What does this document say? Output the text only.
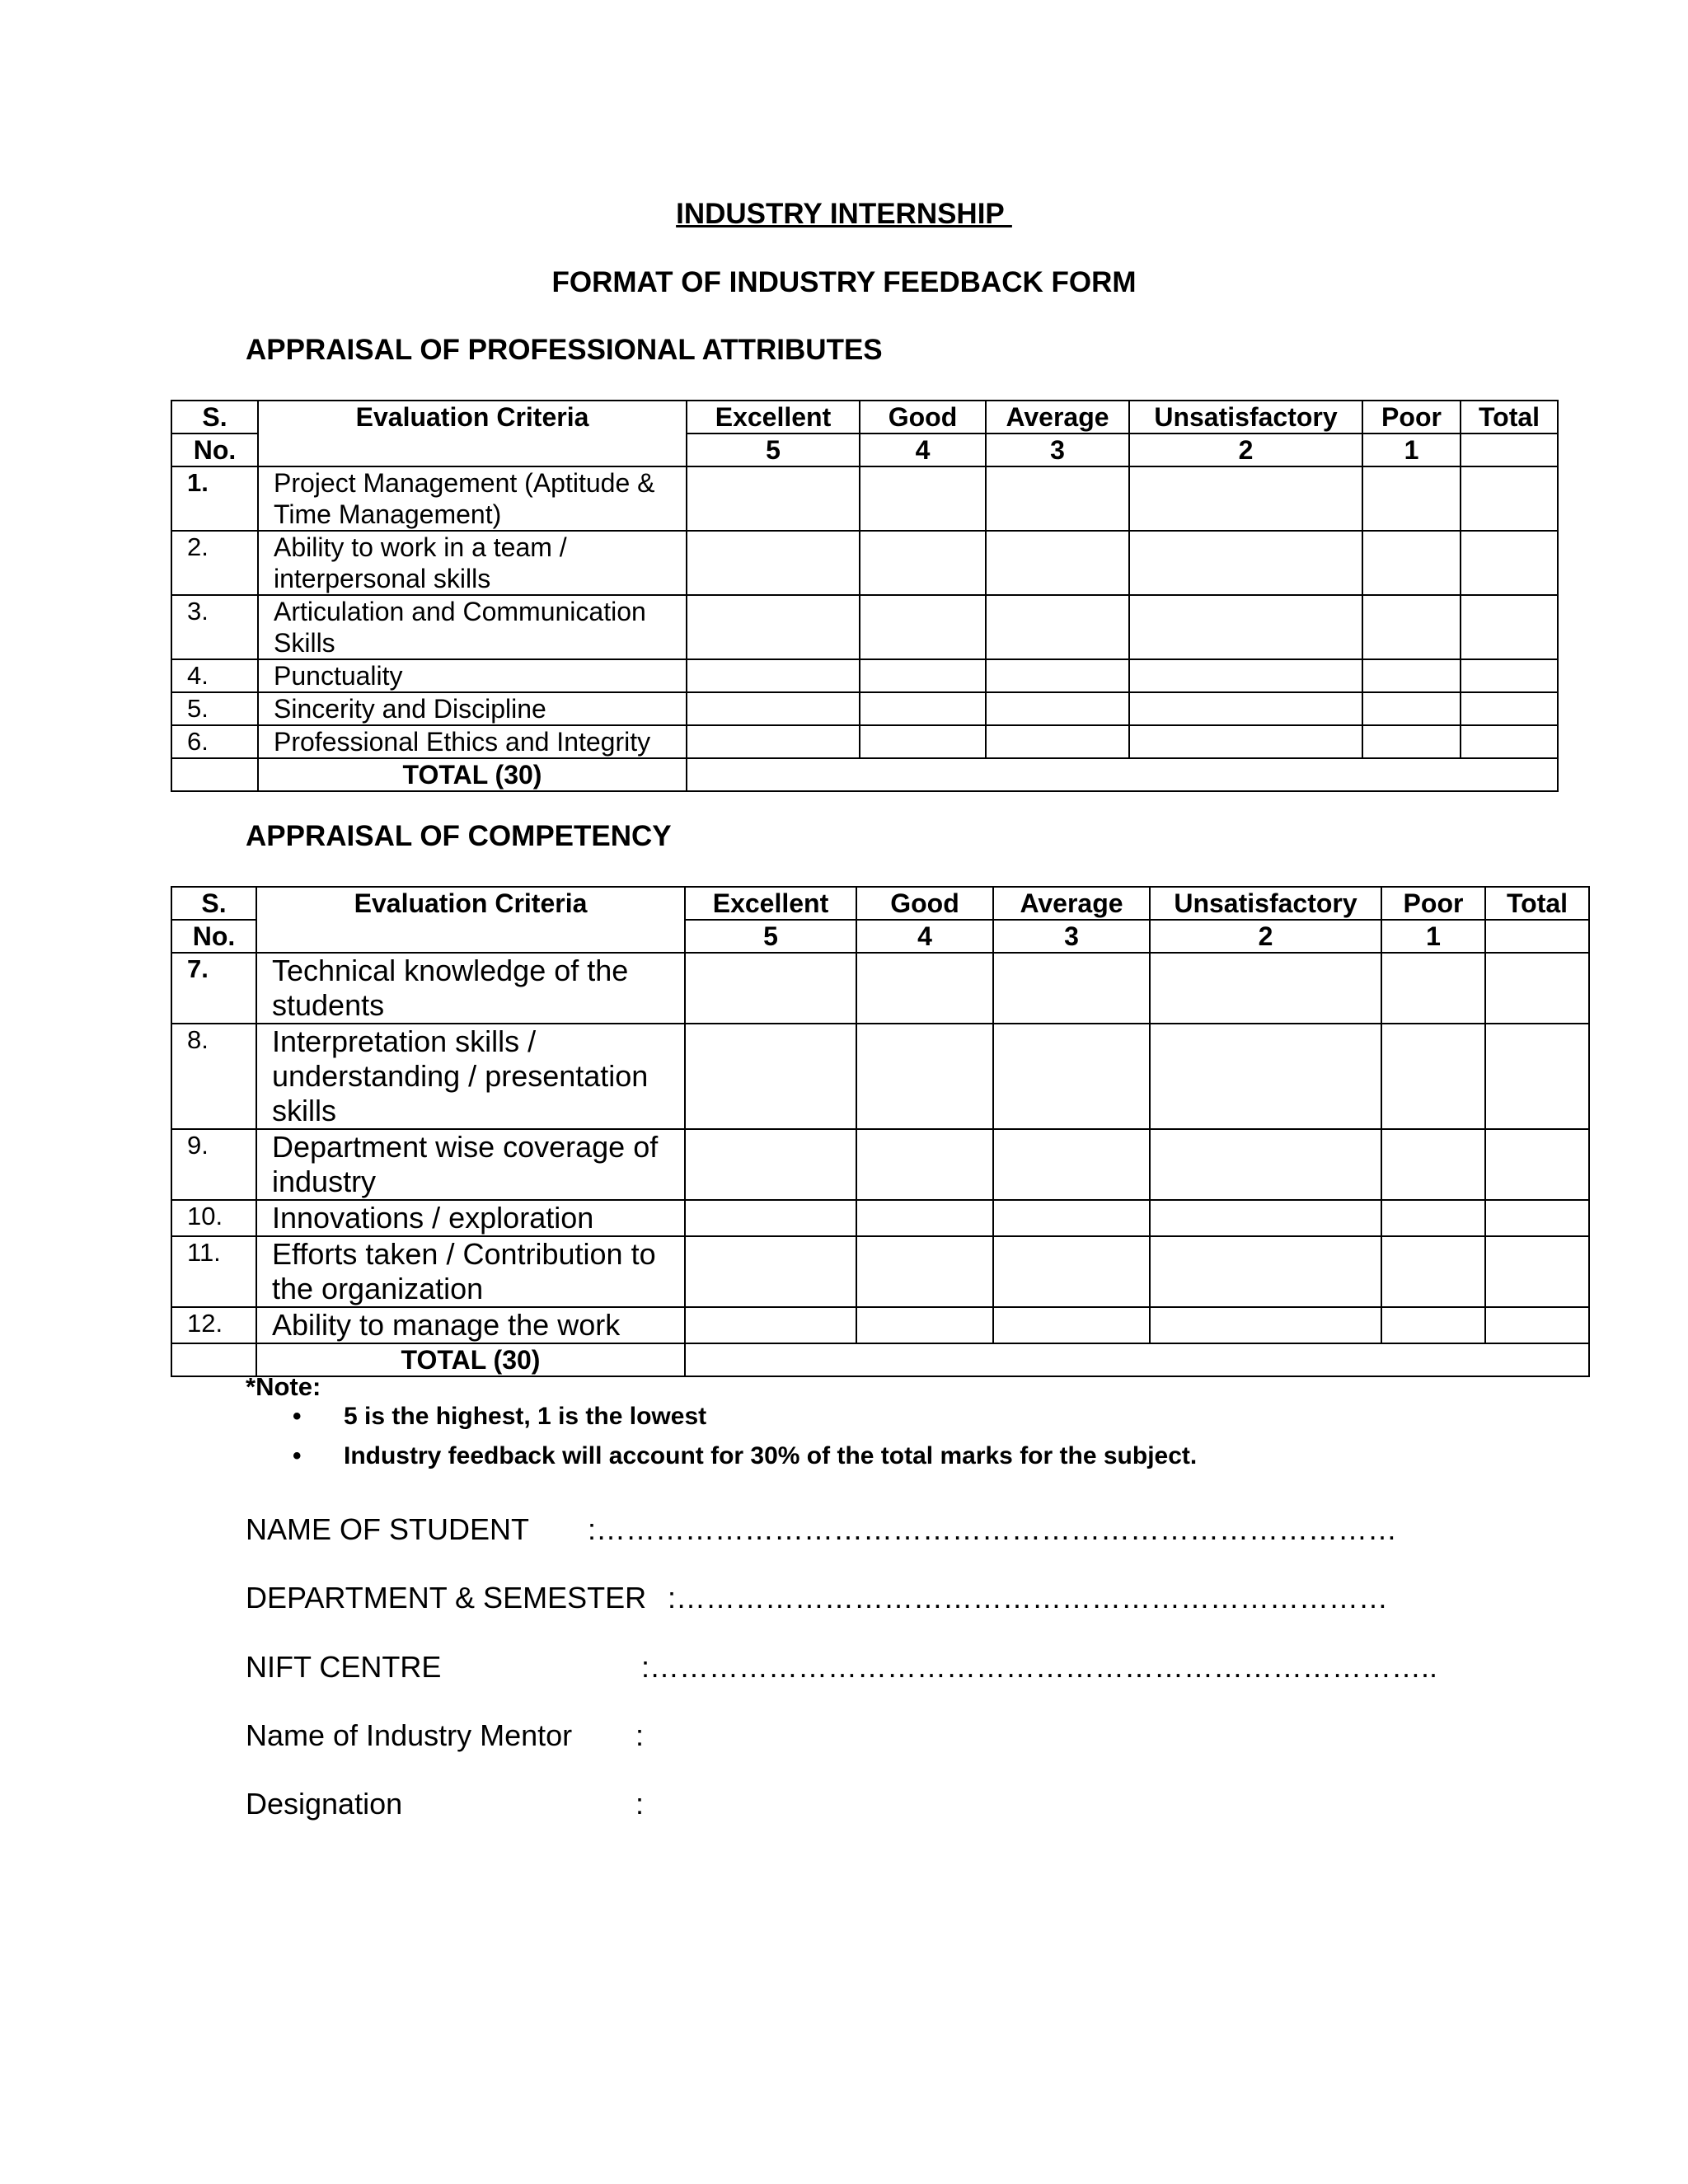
INDUSTRY INTERNSHIP
FORMAT OF INDUSTRY FEEDBACK FORM
APPRAISAL OF PROFESSIONAL ATTRIBUTES
S.	Evaluation Criteria	Excellent	Good	Average	Unsatisfactory	Poor	Total
No.		5	4	3	2	1	
1.	Project Management (Aptitude & Time Management)						
2.	Ability to work in a team / interpersonal skills						
3.	Articulation and Communication Skills						
4.	Punctuality						
5.	Sincerity and Discipline						
6.	Professional Ethics and Integrity						
	TOTAL (30)						
APPRAISAL OF COMPETENCY
S.	Evaluation Criteria	Excellent	Good	Average	Unsatisfactory	Poor	Total
No.		5	4	3	2	1	
7.	Technical knowledge of the students						
8.	Interpretation skills / understanding / presentation skills						
9.	Department wise coverage of industry						
10.	Innovations / exploration						
11.	Efforts taken / Contribution to the organization						
12.	Ability to manage the work						
	TOTAL (30)						
*Note:
• 5 is the highest, 1 is the lowest
• Industry feedback will account for 30% of the total marks for the subject.
NAME OF STUDENT :………………………………………………………………………
DEPARTMENT & SEMESTER :………………………………………………………………
NIFT CENTRE	:……………………………………………………………………..
Name of Industry Mentor :
Designation	:
